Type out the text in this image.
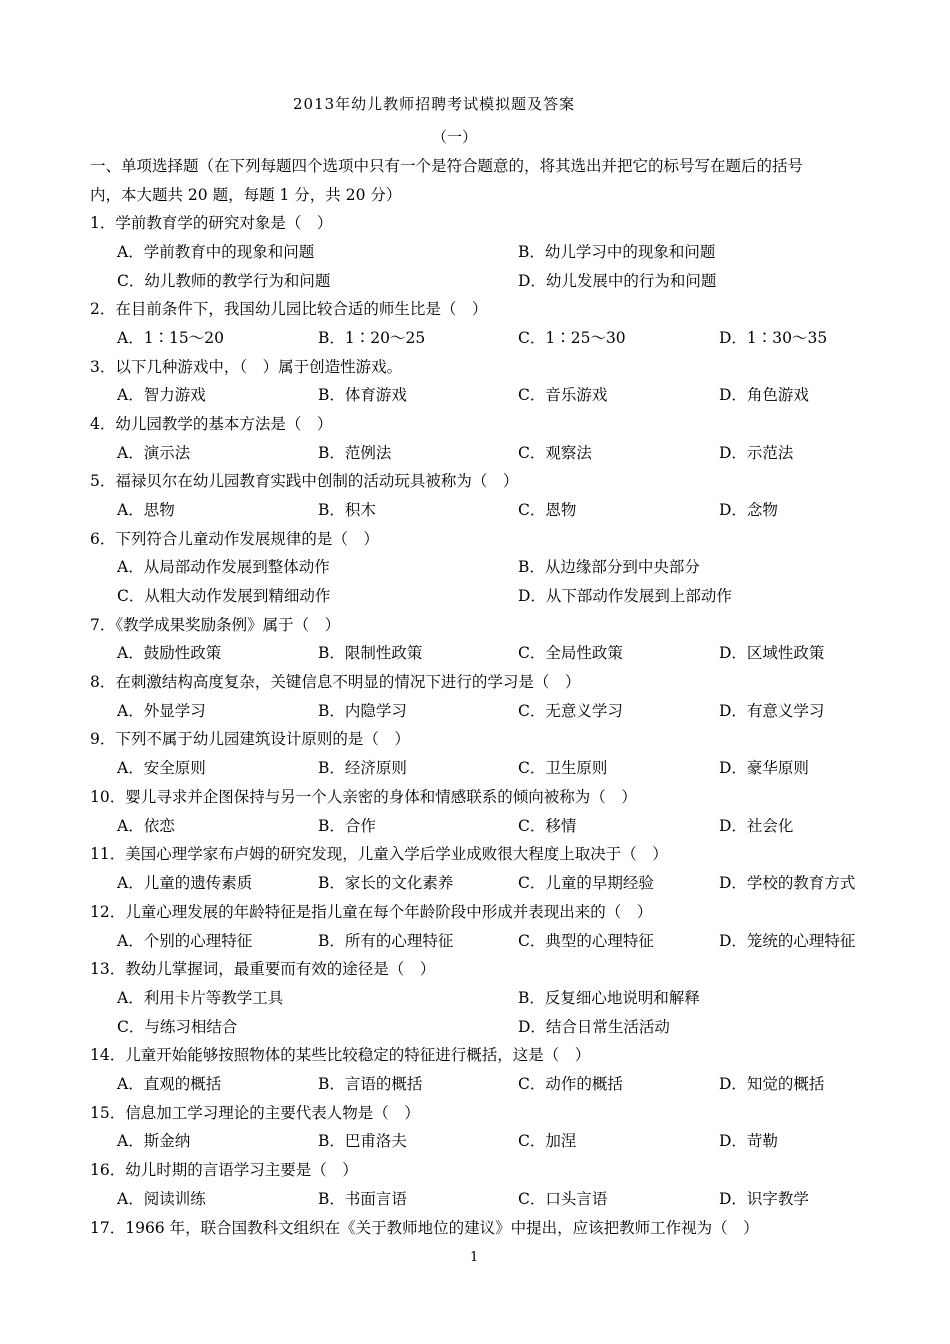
2013年幼儿教师招聘考试模拟题及答案
（一）
一、单项选择题（在下列每题四个选项中只有一个是符合题意的，将其选出并把它的标号写在题后的括号
内，本大题共 20 题，每题 1 分，共 20 分）
1．学前教育学的研究对象是（　）
A．学前教育中的现象和问题	B．幼儿学习中的现象和问题
C．幼儿教师的教学行为和问题	D．幼儿发展中的行为和问题
2．在目前条件下，我国幼儿园比较合适的师生比是（　）
A．1∶15～20	B．1∶20～25	C．1∶25～30	D．1∶30～35
3．以下几种游戏中，（　）属于创造性游戏。
A．智力游戏	B．体育游戏	C．音乐游戏	D．角色游戏
4．幼儿园教学的基本方法是（　）
A．演示法	B．范例法	C．观察法	D．示范法
5．福禄贝尔在幼儿园教育实践中创制的活动玩具被称为（　）
A．思物	B．积木	C．恩物	D．念物
6．下列符合儿童动作发展规律的是（　）
A．从局部动作发展到整体动作	B．从边缘部分到中央部分
C．从粗大动作发展到精细动作	D．从下部动作发展到上部动作
7．《教学成果奖励条例》属于（　）
A．鼓励性政策	B．限制性政策	C．全局性政策	D．区域性政策
8．在刺激结构高度复杂，关键信息不明显的情况下进行的学习是（　）
A．外显学习	B．内隐学习	C．无意义学习	D．有意义学习
9．下列不属于幼儿园建筑设计原则的是（　）
A．安全原则	B．经济原则	C．卫生原则	D．豪华原则
10．婴儿寻求并企图保持与另一个人亲密的身体和情感联系的倾向被称为（　）
A．依恋	B．合作	C．移情	D．社会化
11．美国心理学家布卢姆的研究发现，儿童入学后学业成败很大程度上取决于（　）
A．儿童的遗传素质	B．家长的文化素养	C．儿童的早期经验	D．学校的教育方式
12．儿童心理发展的年龄特征是指儿童在每个年龄阶段中形成并表现出来的（　）
A．个别的心理特征	B．所有的心理特征	C．典型的心理特征	D．笼统的心理特征
13．教幼儿掌握词，最重要而有效的途径是（　）
A．利用卡片等教学工具	B．反复细心地说明和解释
C．与练习相结合	D．结合日常生活活动
14．儿童开始能够按照物体的某些比较稳定的特征进行概括，这是（　）
A．直观的概括	B．言语的概括	C．动作的概括	D．知觉的概括
15．信息加工学习理论的主要代表人物是（　）
A．斯金纳	B．巴甫洛夫	C．加涅	D．苛勒
16．幼儿时期的言语学习主要是（　）
A．阅读训练	B．书面言语	C．口头言语	D．识字教学
17．1966 年，联合国教科文组织在《关于教师地位的建议》中提出，应该把教师工作视为（　）
1
